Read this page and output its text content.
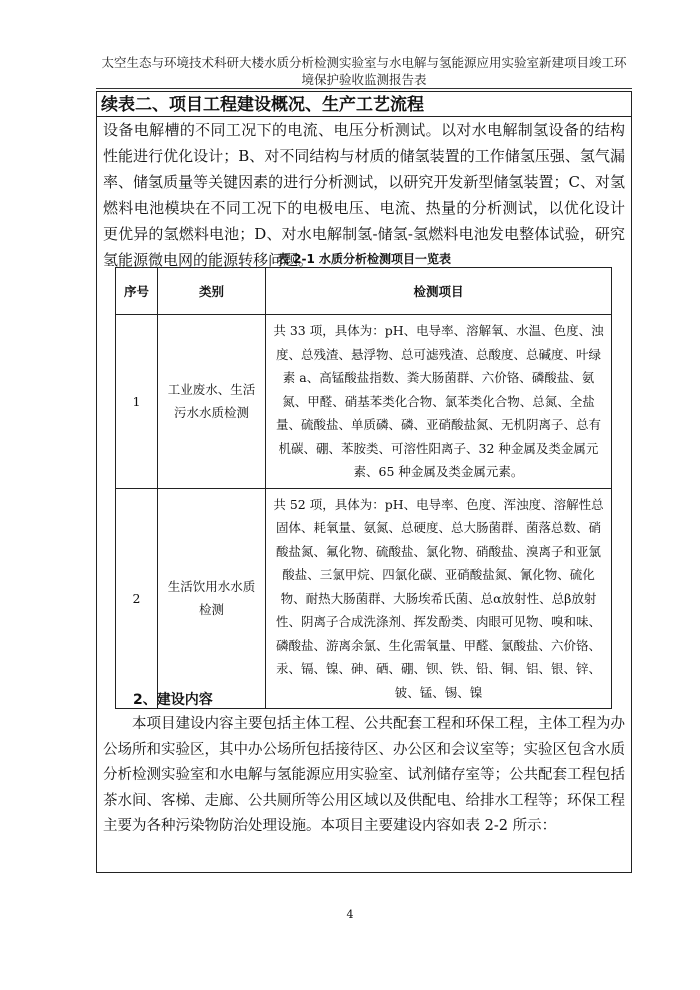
太空生态与环境技术科研大楼水质分析检测实验室与水电解与氢能源应用实验室新建项目竣工环境保护验收监测报告表
续表二、项目工程建设概况、生产工艺流程
设备电解槽的不同工况下的电流、电压分析测试。以对水电解制氢设备的结构性能进行优化设计；B、对不同结构与材质的储氢装置的工作储氢压强、氢气漏率、储氢质量等关键因素的进行分析测试，以研究开发新型储氢装置；C、对氢燃料电池模块在不同工况下的电极电压、电流、热量的分析测试，以优化设计更优异的氢燃料电池；D、对水电解制氢-储氢-氢燃料电池发电整体试验，研究氢能源微电网的能源转移问题。
表 2-1 水质分析检测项目一览表
序号	类别	检测项目
1	工业废水、生活污水水质检测	共 33 项，具体为：pH、电导率、溶解氧、水温、色度、浊度、总残渣、悬浮物、总可滤残渣、总酸度、总碱度、叶绿素 a、高锰酸盐指数、粪大肠菌群、六价铬、磷酸盐、氨氮、甲醛、硝基苯类化合物、氯苯类化合物、总氮、全盐量、硫酸盐、单质磷、磷、亚硝酸盐氮、无机阴离子、总有机碳、硼、苯胺类、可溶性阳离子、32 种金属及类金属元素、65 种金属及类金属元素。
2	生活饮用水水质检测	共 52 项，具体为：pH、电导率、色度、浑浊度、溶解性总固体、耗氧量、氨氮、总硬度、总大肠菌群、菌落总数、硝酸盐氮、氟化物、硫酸盐、氯化物、硝酸盐、溴离子和亚氯酸盐、三氯甲烷、四氯化碳、亚硝酸盐氮、氰化物、硫化物、耐热大肠菌群、大肠埃希氏菌、总α放射性、总β放射性、阴离子合成洗涤剂、挥发酚类、肉眼可见物、嗅和味、磷酸盐、游离余氯、生化需氧量、甲醛、氯酸盐、六价铬、汞、镉、镍、砷、硒、硼、钡、铁、铅、铜、铝、银、锌、铍、锰、锡、镍
2、建设内容
本项目建设内容主要包括主体工程、公共配套工程和环保工程，主体工程为办公场所和实验区，其中办公场所包括接待区、办公区和会议室等；实验区包含水质分析检测实验室和水电解与氢能源应用实验室、试剂储存室等；公共配套工程包括茶水间、客梯、走廊、公共厕所等公用区域以及供配电、给排水工程等；环保工程主要为各种污染物防治处理设施。本项目主要建设内容如表 2-2 所示：
4
